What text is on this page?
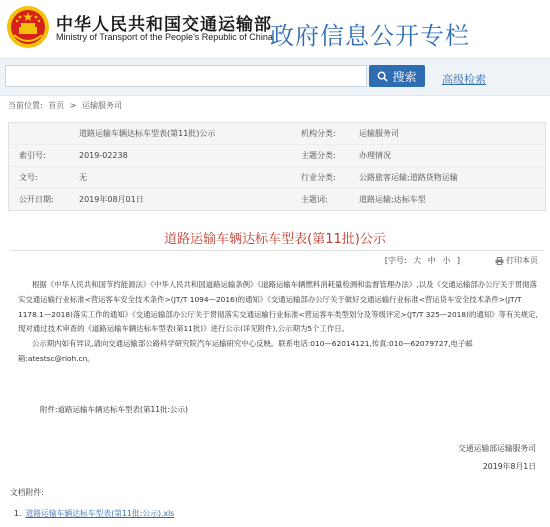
中华人民共和国交通运输部
Ministry of Transport of the People's Republic of China
政府信息公开专栏
搜索 高级检索
当前位置: 首页 > 运输服务司
道路运输车辆达标车型表(第11批)公示	机构分类:	运输服务司
索引号:	2019-02238	主题分类:	办理情况
文号:	无	行业分类:	公路旅客运输;道路货物运输
公开日期:	2019年08月01日	主题词:	道路运输;达标车型
道路运输车辆达标车型表(第11批)公示
[字号: 大 中 小 ]	打印本页

根据《中华人民共和国节约能源法》《中华人民共和国道路运输条例》《道路运输车辆燃料消耗量检测和监督管理办法》,以及《交通运输部办公厅关于贯彻落实交通运输行业标准<营运客车安全技术条件>(JT/T 1094—2016)的通知》《交通运输部办公厅关于做好交通运输行业标准<营运货车安全技术条件>(JT/T 1178.1—2018)落实工作的通知》《交通运输部办公厅关于贯彻落实交通运输行业标准<营运客车类型划分及等级评定>(JT/T 325—2018)的通知》等有关规定,现对通过技术审查的《道路运输车辆达标车型表(第11批)》进行公示(详见附件),公示期为5个工作日。

公示期内如有异议,请向交通运输部公路科学研究院汽车运输研究中心反映。联系电话:010—62014121,传真:010—62079727,电子邮箱:atestsc@rioh.cn。

附件:道路运输车辆达标车型表(第11批:公示)
交通运输部运输服务司
2019年8月1日
文档附件:
1. 道路运输车辆达标车型表(第11批:公示).xls
